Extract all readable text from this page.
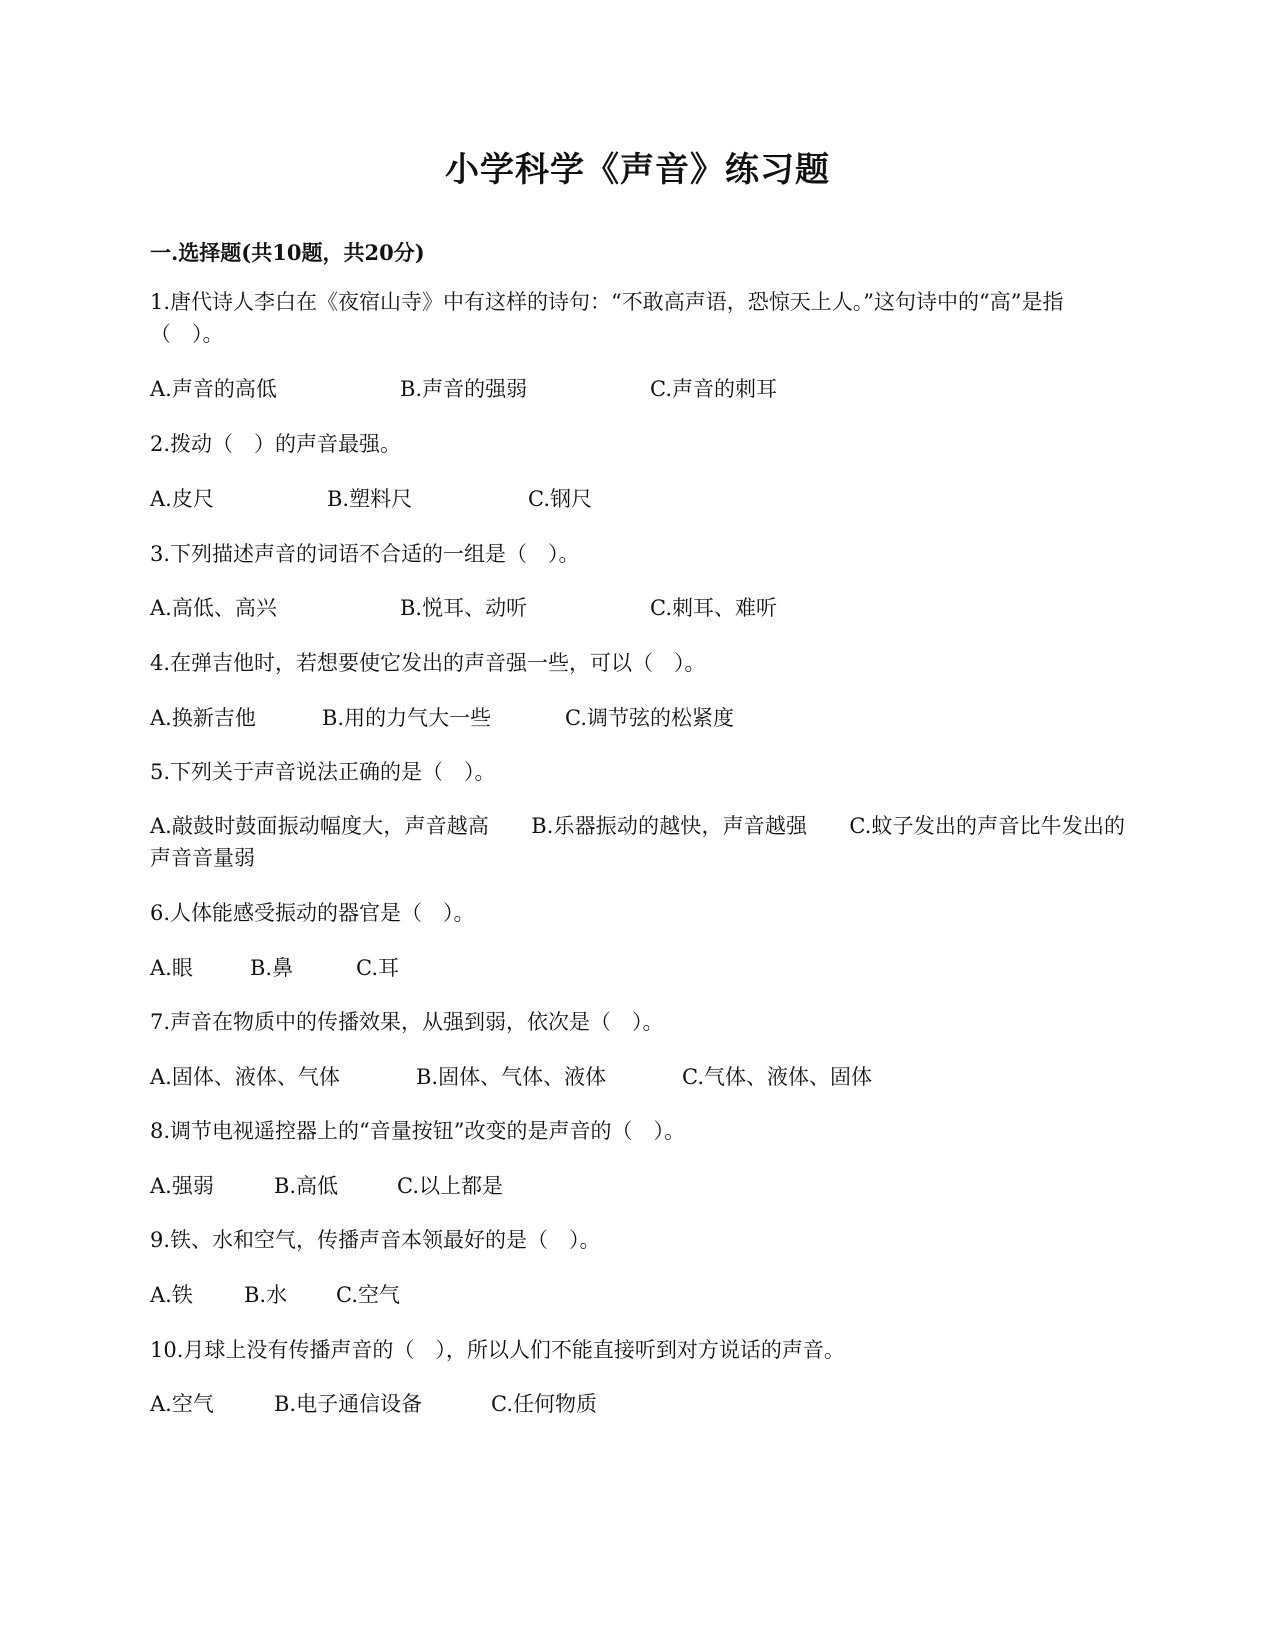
小学科学《声音》练习题
一.选择题(共10题，共20分)
1.唐代诗人李白在《夜宿山寺》中有这样的诗句：“不敢高声语，恐惊天上人。”这句诗中的“高”是指（　）。
A.声音的高低	B.声音的强弱	C.声音的刺耳
2.拨动（　）的声音最强。
A.皮尺	B.塑料尺	C.钢尺
3.下列描述声音的词语不合适的一组是（　）。
A.高低、高兴	B.悦耳、动听	C.刺耳、难听
4.在弹吉他时，若想要使它发出的声音强一些，可以（　）。
A.换新吉他	B.用的力气大一些	C.调节弦的松紧度
5.下列关于声音说法正确的是（　）。
A.敲鼓时鼓面振动幅度大，声音越高　　B.乐器振动的越快，声音越强　　C.蚊子发出的声音比牛发出的声音音量弱
6.人体能感受振动的器官是（　）。
A.眼	B.鼻	C.耳
7.声音在物质中的传播效果，从强到弱，依次是（　）。
A.固体、液体、气体	B.固体、气体、液体	C.气体、液体、固体
8.调节电视遥控器上的“音量按钮”改变的是声音的（　）。
A.强弱	B.高低	C.以上都是
9.铁、水和空气，传播声音本领最好的是（　）。
A.铁 B.水 C.空气
10.月球上没有传播声音的（　），所以人们不能直接听到对方说话的声音。
A.空气	B.电子通信设备	C.任何物质
